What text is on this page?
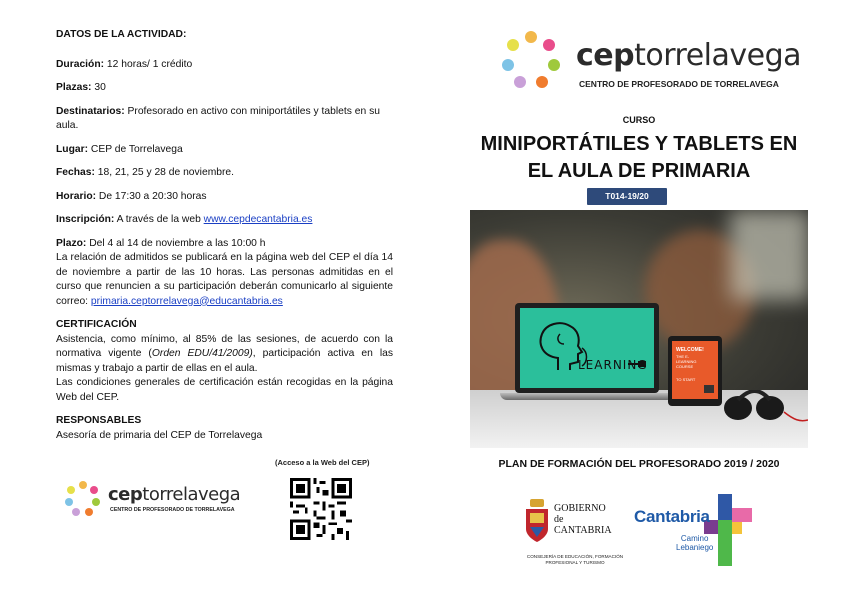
DATOS DE LA ACTIVIDAD:

Duración: 12 horas/ 1 crédito

Plazas: 30

Destinatarios: Profesorado en activo con miniportátiles y tablets en su aula.

Lugar: CEP de Torrelavega

Fechas: 18, 21, 25 y 28 de noviembre.

Horario: De 17:30 a 20:30 horas

Inscripción: A través de la web www.cepdecantabria.es

Plazo: Del 4 al 14 de noviembre a las 10:00 h

La relación de admitidos se publicará en la página web del CEP el día 14 de noviembre a partir de las 10 horas. Las personas admitidas en el curso que renuncien a su participación deberán comunicarlo al siguiente correo: primaria.ceptorrelavega@educantabria.es

CERTIFICACIÓN

Asistencia, como mínimo, al 85% de las sesiones, de acuerdo con la normativa vigente (Orden EDU/41/2009), participación activa en las mismas y trabajo a partir de ellas en el aula.

Las condiciones generales de certificación están recogidas en la página Web del CEP.

RESPONSABLES

Asesoría de primaria del CEP de Torrelavega

(Acceso a la Web del CEP)
ceptorrelavega
CENTRO DE PROFESORADO DE TORRELAVEGA
ceptorrelavega
CENTRO DE PROFESORADO DE TORRELAVEGA
CURSO
MINIPORTÁTILES Y TABLETS EN
EL AULA DE PRIMARIA
T014-19/20
LEARNING
WELCOME!
THE E-LEARNING COURSE
TO START
PLAN DE FORMACIÓN DEL PROFESORADO 2019 / 2020
GOBIERNO
de
CANTABRIA
CONSEJERÍA DE EDUCACIÓN, FORMACIÓN PROFESIONAL Y TURISMO
Cantabria
Camino
Lebaniego
